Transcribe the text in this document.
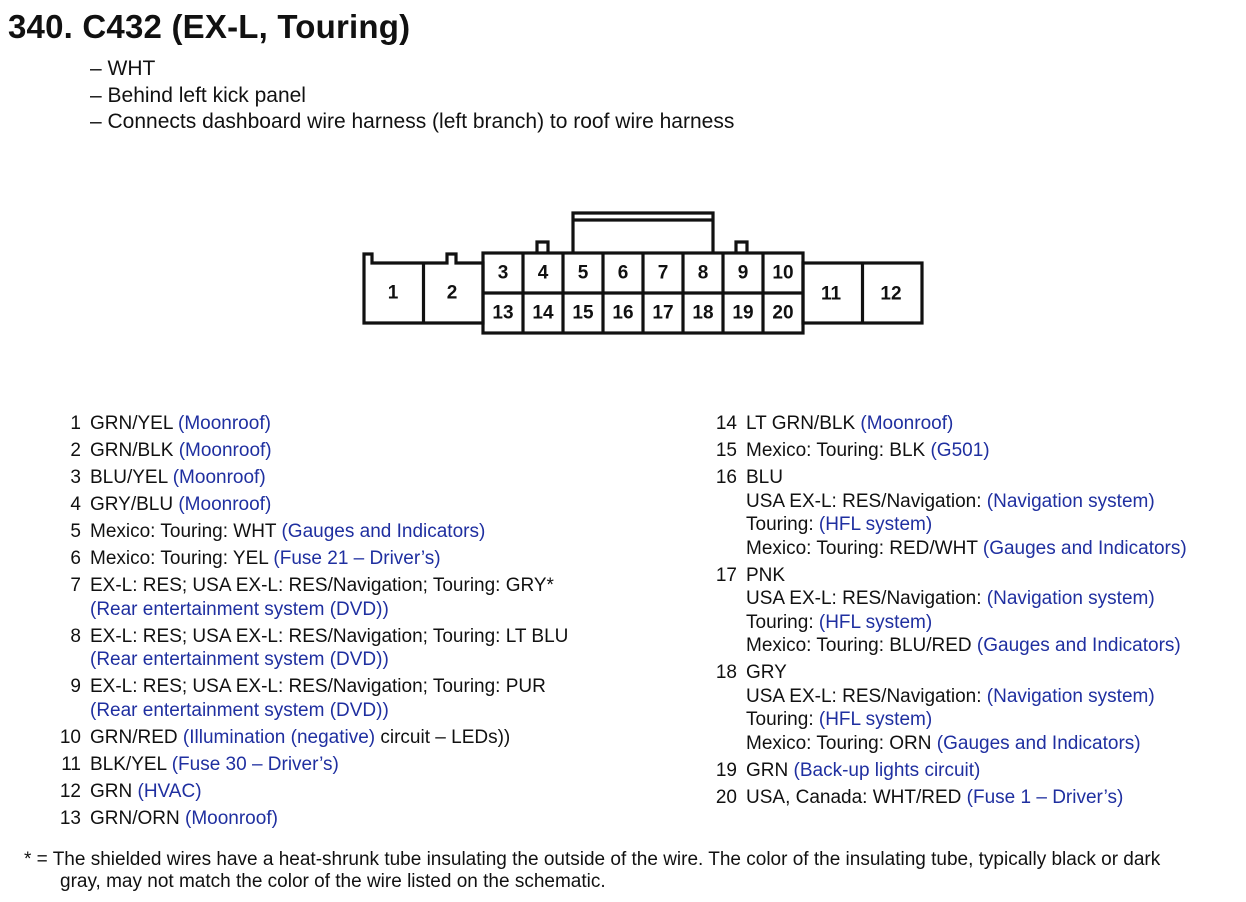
340. C432 (EX-L, Touring)
– WHT
– Behind left kick panel
– Connects dashboard wire harness (left branch) to roof wire harness
1	2
3 4 5 6 7 8 9 10
11 12
13 14 15 16 17 18 19 20
1 GRN/YEL (Moonroof)
2 GRN/BLK (Moonroof)
3 BLU/YEL (Moonroof)
4 GRY/BLU (Moonroof)
5 Mexico: Touring: WHT (Gauges and Indicators)
6 Mexico: Touring: YEL (Fuse 21 – Driver’s)
7 EX-L: RES; USA EX-L: RES/Navigation; Touring: GRY*
(Rear entertainment system (DVD))
8 EX-L: RES; USA EX-L: RES/Navigation; Touring: LT BLU
(Rear entertainment system (DVD))
9 EX-L: RES; USA EX-L: RES/Navigation; Touring: PUR
(Rear entertainment system (DVD))
10 GRN/RED (Illumination (negative) circuit – LEDs))
11 BLK/YEL (Fuse 30 – Driver’s)
12 GRN (HVAC)
13 GRN/ORN (Moonroof)
14 LT GRN/BLK (Moonroof)
15 Mexico: Touring: BLK (G501)
16 BLU
USA EX-L: RES/Navigation: (Navigation system)
Touring: (HFL system)
Mexico: Touring: RED/WHT (Gauges and Indicators)
17 PNK
USA EX-L: RES/Navigation: (Navigation system)
Touring: (HFL system)
Mexico: Touring: BLU/RED (Gauges and Indicators)
18 GRY
USA EX-L: RES/Navigation: (Navigation system)
Touring: (HFL system)
Mexico: Touring: ORN (Gauges and Indicators)
19 GRN (Back-up lights circuit)
20 USA, Canada: WHT/RED (Fuse 1 – Driver’s)
* = The shielded wires have a heat-shrunk tube insulating the outside of the wire. The color of the insulating tube, typically black or dark
gray, may not match the color of the wire listed on the schematic.
